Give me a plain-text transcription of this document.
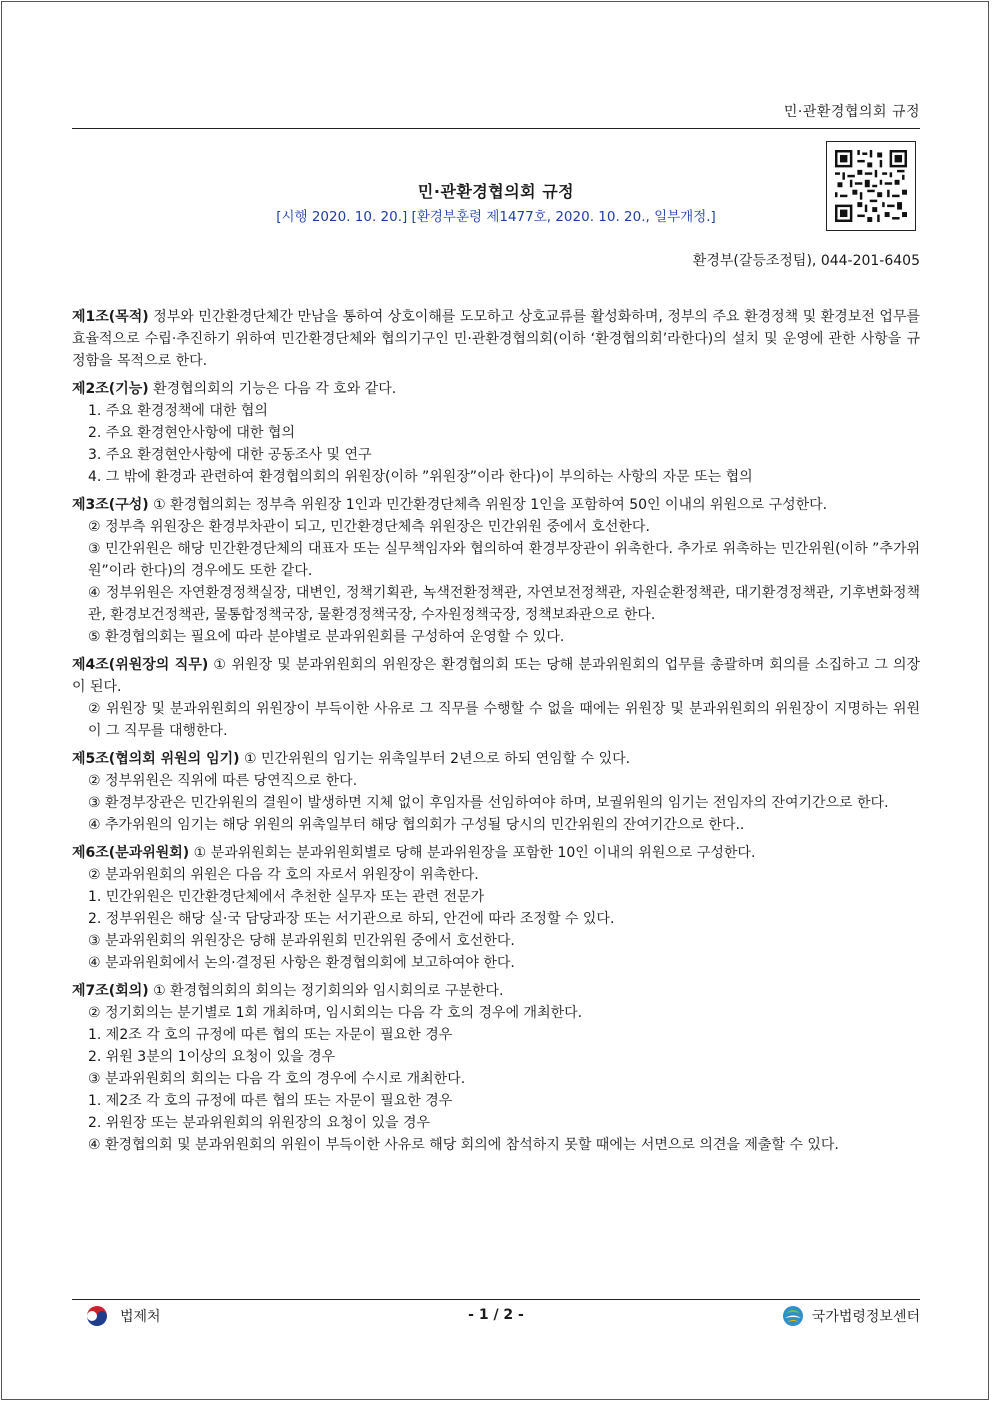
민·관환경협의회 규정
민·관환경협의회 규정
[시행 2020. 10. 20.] [환경부훈령 제1477호, 2020. 10. 20., 일부개정.]
환경부(갈등조정팀), 044-201-6405

제1조(목적) 정부와 민간환경단체간 만남을 통하여 상호이해를 도모하고 상호교류를 활성화하며, 정부의 주요 환경정책 및 환경보전 업무를 효율적으로 수립·추진하기 위하여 민간환경단체와 협의기구인 민·관환경협의회(이하 ‘환경협의회’라한다)의 설치 및 운영에 관한 사항을 규정함을 목적으로 한다.

제2조(기능) 환경협의회의 기능은 다음 각 호와 같다.

1. 주요 환경정책에 대한 협의

2. 주요 환경현안사항에 대한 협의

3. 주요 환경현안사항에 대한 공동조사 및 연구

4. 그 밖에 환경과 관련하여 환경협의회의 위원장(이하 ”위원장”이라 한다)이 부의하는 사항의 자문 또는 협의

제3조(구성) ① 환경협의회는 정부측 위원장 1인과 민간환경단체측 위원장 1인을 포함하여 50인 이내의 위원으로 구성한다.

② 정부측 위원장은 환경부차관이 되고, 민간환경단체측 위원장은 민간위원 중에서 호선한다.

③ 민간위원은 해당 민간환경단체의 대표자 또는 실무책임자와 협의하여 환경부장관이 위촉한다. 추가로 위촉하는 민간위원(이하 ”추가위원”이라 한다)의 경우에도 또한 같다.

④ 정부위원은 자연환경정책실장, 대변인, 정책기획관, 녹색전환정책관, 자연보전정책관, 자원순환정책관, 대기환경정책관, 기후변화정책관, 환경보건정책관, 물통합정책국장, 물환경정책국장, 수자원정책국장, 정책보좌관으로 한다.

⑤ 환경협의회는 필요에 따라 분야별로 분과위원회를 구성하여 운영할 수 있다.

제4조(위원장의 직무) ① 위원장 및 분과위원회의 위원장은 환경협의회 또는 당해 분과위원회의 업무를 총괄하며 회의를 소집하고 그 의장이 된다.

② 위원장 및 분과위원회의 위원장이 부득이한 사유로 그 직무를 수행할 수 없을 때에는 위원장 및 분과위원회의 위원장이 지명하는 위원이 그 직무를 대행한다.

제5조(협의회 위원의 임기) ① 민간위원의 임기는 위촉일부터 2년으로 하되 연임할 수 있다.

② 정부위원은 직위에 따른 당연직으로 한다.

③ 환경부장관은 민간위원의 결원이 발생하면 지체 없이 후임자를 선임하여야 하며, 보궐위원의 임기는 전임자의 잔여기간으로 한다.

④ 추가위원의 임기는 해당 위원의 위촉일부터 해당 협의회가 구성될 당시의 민간위원의 잔여기간으로 한다..

제6조(분과위원회) ① 분과위원회는 분과위원회별로 당해 분과위원장을 포함한 10인 이내의 위원으로 구성한다.

② 분과위원회의 위원은 다음 각 호의 자로서 위원장이 위촉한다.

1. 민간위원은 민간환경단체에서 추천한 실무자 또는 관련 전문가

2. 정부위원은 해당 실·국 담당과장 또는 서기관으로 하되, 안건에 따라 조정할 수 있다.

③ 분과위원회의 위원장은 당해 분과위원회 민간위원 중에서 호선한다.

④ 분과위원회에서 논의·결정된 사항은 환경협의회에 보고하여야 한다.

제7조(회의) ① 환경협의회의 회의는 정기회의와 임시회의로 구분한다.

② 정기회의는 분기별로 1회 개최하며, 임시회의는 다음 각 호의 경우에 개최한다.

1. 제2조 각 호의 규정에 따른 협의 또는 자문이 필요한 경우

2. 위원 3분의 1이상의 요청이 있을 경우

③ 분과위원회의 회의는 다음 각 호의 경우에 수시로 개최한다.

1. 제2조 각 호의 규정에 따른 협의 또는 자문이 필요한 경우

2. 위원장 또는 분과위원회의 위원장의 요청이 있을 경우

④ 환경협의회 및 분과위원회의 위원이 부득이한 사유로 해당 회의에 참석하지 못할 때에는 서면으로 의견을 제출할 수 있다.

법제처	- 1 / 2 -	국가법령정보센터
